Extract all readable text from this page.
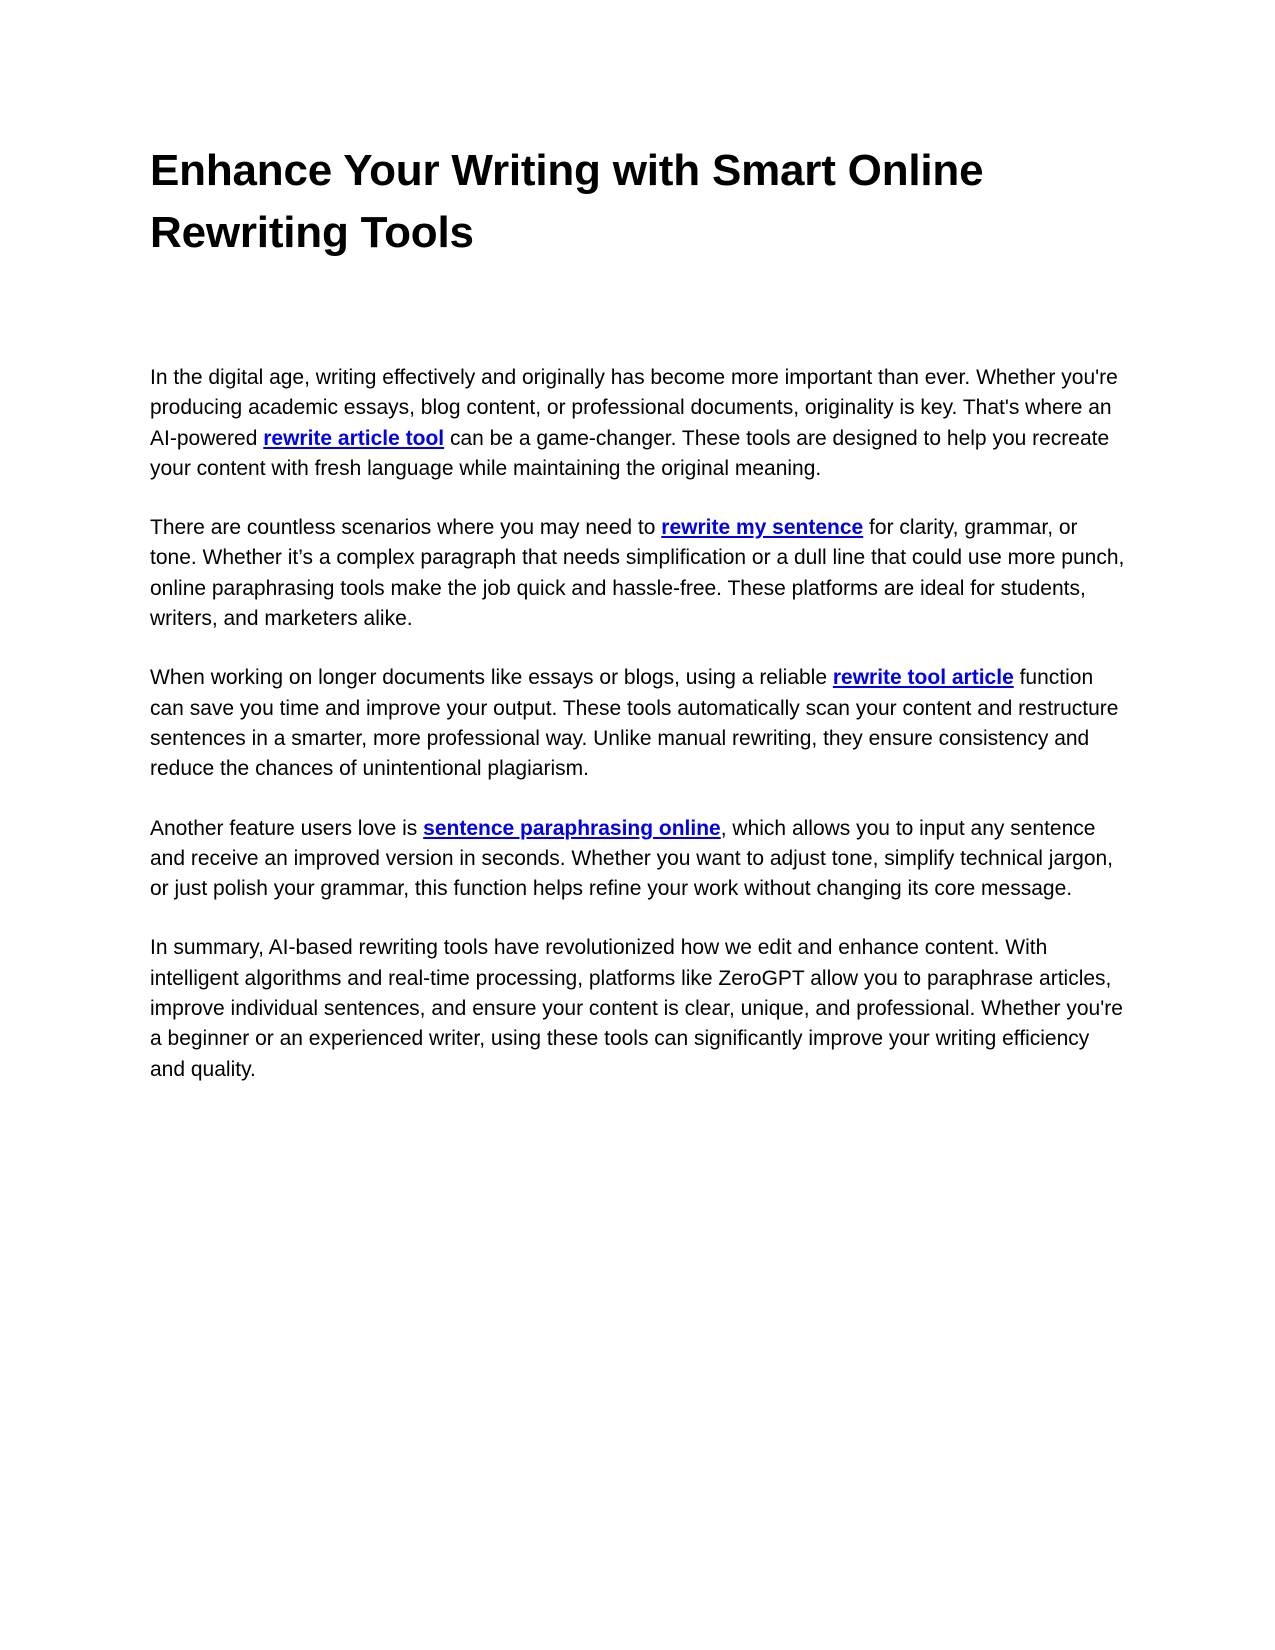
Enhance Your Writing with Smart Online Rewriting Tools

In the digital age, writing effectively and originally has become more important than ever. Whether you're producing academic essays, blog content, or professional documents, originality is key. That's where an AI-powered rewrite article tool can be a game-changer. These tools are designed to help you recreate your content with fresh language while maintaining the original meaning.

There are countless scenarios where you may need to rewrite my sentence for clarity, grammar, or tone. Whether it’s a complex paragraph that needs simplification or a dull line that could use more punch, online paraphrasing tools make the job quick and hassle-free. These platforms are ideal for students, writers, and marketers alike.

When working on longer documents like essays or blogs, using a reliable rewrite tool article function can save you time and improve your output. These tools automatically scan your content and restructure sentences in a smarter, more professional way. Unlike manual rewriting, they ensure consistency and reduce the chances of unintentional plagiarism.

Another feature users love is sentence paraphrasing online, which allows you to input any sentence and receive an improved version in seconds. Whether you want to adjust tone, simplify technical jargon, or just polish your grammar, this function helps refine your work without changing its core message.

In summary, AI-based rewriting tools have revolutionized how we edit and enhance content. With intelligent algorithms and real-time processing, platforms like ZeroGPT allow you to paraphrase articles, improve individual sentences, and ensure your content is clear, unique, and professional. Whether you're a beginner or an experienced writer, using these tools can significantly improve your writing efficiency and quality.
